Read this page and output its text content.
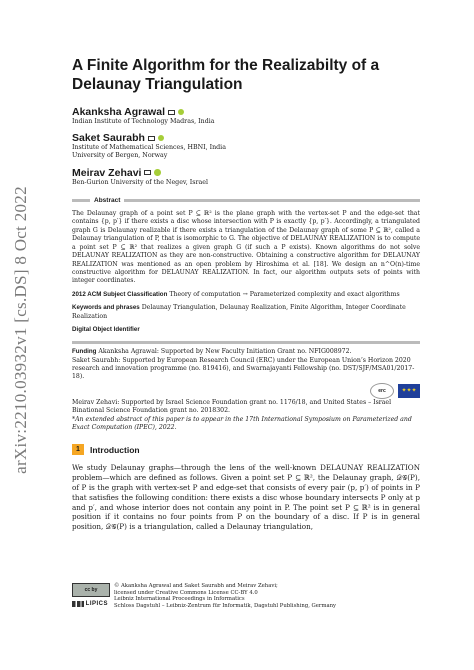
arXiv:2210.03932v1 [cs.DS] 8 Oct 2022
A Finite Algorithm for the Realizabilty of a Delaunay Triangulation
Akanksha Agrawal
Indian Institute of Technology Madras, India
Saket Saurabh
Institute of Mathematical Sciences, HBNI, India
University of Bergen, Norway
Meirav Zehavi
Ben-Gurion University of the Negev, Israel
Abstract

The Delaunay graph of a point set P ⊆ ℝ² is the plane graph with the vertex-set P and the edge-set that contains {p, p′} if there exists a disc whose intersection with P is exactly {p, p′}. Accordingly, a triangulated graph G is Delaunay realizable if there exists a triangulation of the Delaunay graph of some P ⊆ ℝ², called a Delaunay triangulation of P, that is isomorphic to G. The objective of DELAUNAY REALIZATION is to compute a point set P ⊆ ℝ² that realizes a given graph G (if such a P exists). Known algorithms do not solve DELAUNAY REALIZATION as they are non-constructive. Obtaining a constructive algorithm for DELAUNAY REALIZATION was mentioned as an open problem by Hiroshima et al. [18]. We design an n^O(n)-time constructive algorithm for DELAUNAY REALIZATION. In fact, our algorithm outputs sets of points with integer coordinates.

2012 ACM Subject Classification Theory of computation → Parameterized complexity and exact algorithms
Keywords and phrases Delaunay Triangulation, Delaunay Realization, Finite Algorithm, Integer Coordinate Realization
Digital Object Identifier
Funding Akanksha Agrawal: Supported by New Faculty Initiation Grant no. NFIG008972.
Saket Saurabh: Supported by European Research Council (ERC) under the European Union’s Horizon 2020 research and innovation programme (no. 819416), and Swarnajayanti Fellowship (no. DST/SJF/MSA01/2017-18).
erc	✦✦✦
Meirav Zehavi: Supported by Israel Science Foundation grant no. 1176/18, and United States – Israel Binational Science Foundation grant no. 2018302.
*An extended abstract of this paper is to appear in the 17th International Symposium on Parameterized and Exact Computation (IPEC), 2022.
1	Introduction

We study Delaunay graphs—through the lens of the well-known DELAUNAY REALIZATION problem—which are defined as follows. Given a point set P ⊆ ℝ², the Delaunay graph, 𝒟𝒢(P), of P is the graph with vertex-set P and edge-set that consists of every pair (p, p′) of points in P that satisfies the following condition: there exists a disc whose boundary intersects P only at p and p′, and whose interior does not contain any point in P. The point set P ⊆ ℝ² is in general position if it contains no four points from P on the boundary of a disc. If P is in general position, 𝒟𝒢(P) is a triangulation, called a Delaunay triangulation,

cc by
LIPICS
© Akanksha Agrawal and Saket Saurabh and Meirav Zehavi;
licensed under Creative Commons License CC-BY 4.0
Leibniz International Proceedings in Informatics
Schloss Dagstuhl – Leibniz-Zentrum für Informatik, Dagstuhl Publishing, Germany
